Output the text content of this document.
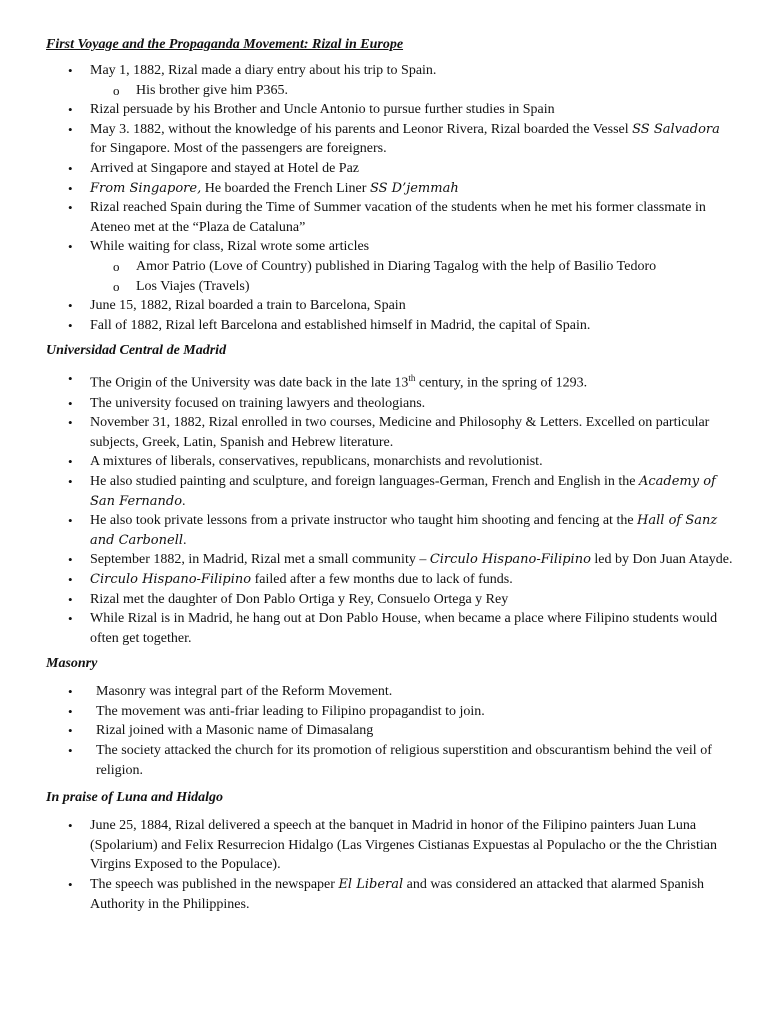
First Voyage and the Propaganda Movement: Rizal in Europe

• May 1, 1882, Rizal made a diary entry about his trip to Spain.
o His brother give him P365.
• Rizal persuade by his Brother and Uncle Antonio to pursue further studies in Spain
• May 3. 1882, without the knowledge of his parents and Leonor Rivera, Rizal boarded the Vessel SS Salvadora for Singapore. Most of the passengers are foreigners.
• Arrived at Singapore and stayed at Hotel de Paz
• From Singapore, He boarded the French Liner SS D’jemmah
• Rizal reached Spain during the Time of Summer vacation of the students when he met his former classmate in Ateneo met at the “Plaza de Cataluna”
• While waiting for class, Rizal wrote some articles
o Amor Patrio (Love of Country) published in Diaring Tagalog with the help of Basilio Tedoro
o Los Viajes (Travels)
• June 15, 1882, Rizal boarded a train to Barcelona, Spain
• Fall of 1882, Rizal left Barcelona and established himself in Madrid, the capital of Spain.

Universidad Central de Madrid

• The Origin of the University was date back in the late 13th century, in the spring of 1293.
• The university focused on training lawyers and theologians.
• November 31, 1882, Rizal enrolled in two courses, Medicine and Philosophy & Letters. Excelled on particular subjects, Greek, Latin, Spanish and Hebrew literature.
• A mixtures of liberals, conservatives, republicans, monarchists and revolutionist.
• He also studied painting and sculpture, and foreign languages-German, French and English in the Academy of San Fernando.
• He also took private lessons from a private instructor who taught him shooting and fencing at the Hall of Sanz and Carbonell.
• September 1882, in Madrid, Rizal met a small community – Circulo Hispano-Filipino led by Don Juan Atayde.
• Circulo Hispano-Filipino failed after a few months due to lack of funds.
• Rizal met the daughter of Don Pablo Ortiga y Rey, Consuelo Ortega y Rey
• While Rizal is in Madrid, he hang out at Don Pablo House, when became a place where Filipino students would often get together.

Masonry

• Masonry was integral part of the Reform Movement.
• The movement was anti-friar leading to Filipino propagandist to join.
• Rizal joined with a Masonic name of Dimasalang
• The society attacked the church for its promotion of religious superstition and obscurantism behind the veil of religion.

In praise of Luna and Hidalgo

• June 25, 1884, Rizal delivered a speech at the banquet in Madrid in honor of the Filipino painters Juan Luna (Spolarium) and Felix Resurrecion Hidalgo (Las Virgenes Cistianas Expuestas al Populacho or the the Christian Virgins Exposed to the Populace).
• The speech was published in the newspaper El Liberal and was considered an attacked that alarmed Spanish Authority in the Philippines.
